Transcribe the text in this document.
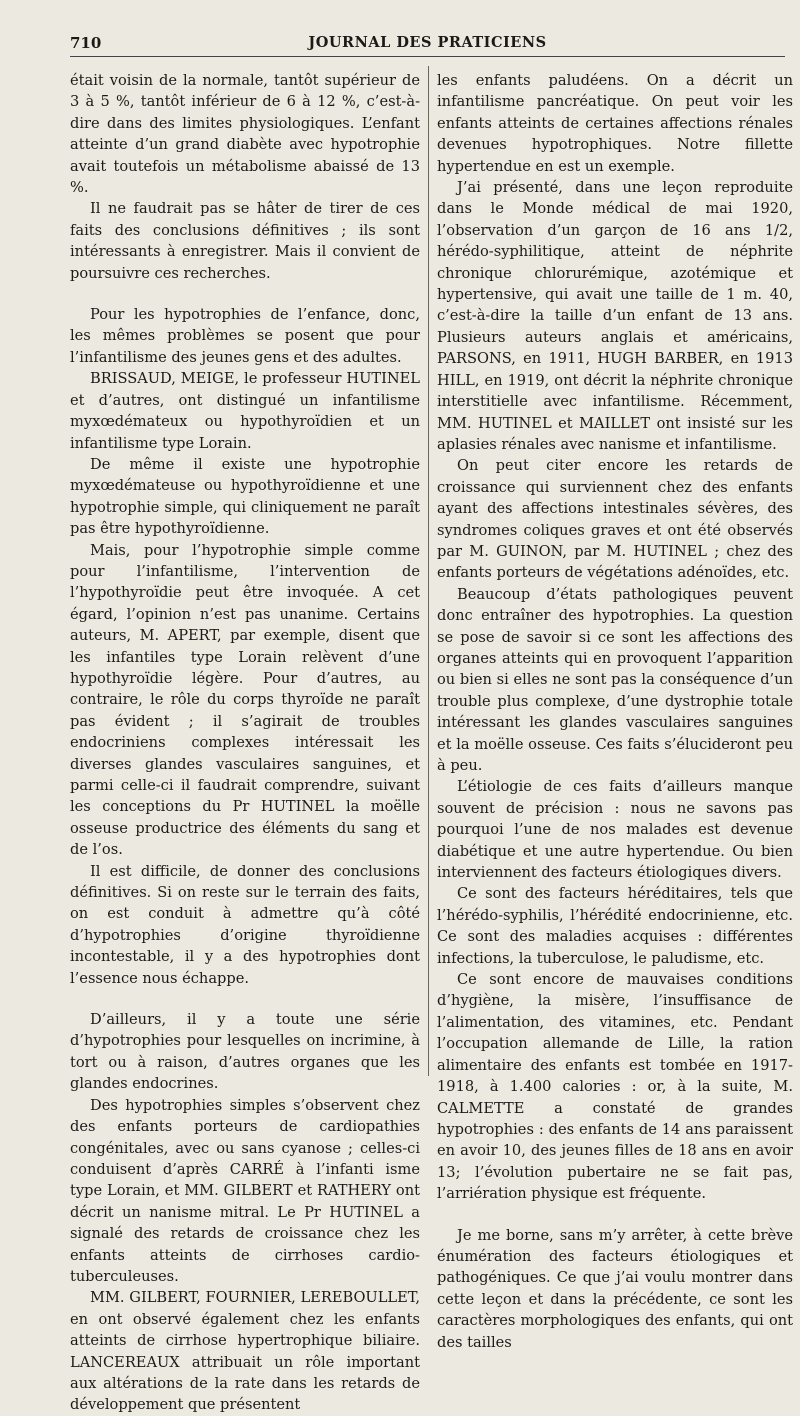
710	JOURNAL DES PRATICIENS

était voisin de la normale, tantôt supérieur de 3 à 5 %, tantôt inférieur de 6 à 12 %, c’est-à-dire dans des limites physiologiques. L’enfant atteinte d’un grand diabète avec hypotrophie avait toutefois un métabolisme abaissé de 13 %.

Il ne faudrait pas se hâter de tirer de ces faits des conclusions définitives ; ils sont intéressants à enregistrer. Mais il convient de poursuivre ces recherches.

Pour les hypotrophies de l’enfance, donc, les mêmes problèmes se posent que pour l’infantilisme des jeunes gens et des adultes.

BRISSAUD, MEIGE, le professeur HUTINEL et d’autres, ont distingué un infantilisme myxœdémateux ou hypothyroïdien et un infantilisme type Lorain.

De même il existe une hypotrophie myxœdémateuse ou hypothyroïdienne et une hypotrophie simple, qui cliniquement ne paraît pas être hypothyroïdienne.

Mais, pour l’hypotrophie simple comme pour l’infantilisme, l’intervention de l’hypothyroïdie peut être invoquée. A cet égard, l’opinion n’est pas unanime. Certains auteurs, M. APERT, par exemple, disent que les infantiles type Lorain relèvent d’une hypothyroïdie légère. Pour d’autres, au contraire, le rôle du corps thyroïde ne paraît pas évident ; il s’agirait de troubles endocriniens complexes intéressait les diverses glandes vasculaires sanguines, et parmi celle-ci il faudrait comprendre, suivant les conceptions du Pr HUTINEL la moëlle osseuse productrice des éléments du sang et de l’os.

Il est difficile, de donner des conclusions définitives. Si on reste sur le terrain des faits, on est conduit à admettre qu’à côté d’hypotrophies d’origine thyroïdienne incontestable, il y a des hypotrophies dont l’essence nous échappe.

D’ailleurs, il y a toute une série d’hypotrophies pour lesquelles on incrimine, à tort ou à raison, d’autres organes que les glandes endocrines.

Des hypotrophies simples s’observent chez des enfants porteurs de cardiopathies congénitales, avec ou sans cyanose ; celles-ci conduisent d’après CARRÉ à l’infanti isme type Lorain, et MM. GILBERT et RATHERY ont décrit un nanisme mitral. Le Pr HUTINEL a signalé des retards de croissance chez les enfants atteints de cirrhoses cardio-tuberculeuses.

MM. GILBERT, FOURNIER, LEREBOULLET, en ont observé également chez les enfants atteints de cirrhose hypertrophique biliaire. LANCEREAUX attribuait un rôle important aux altérations de la rate dans les retards de développement que présentent

les enfants paludéens. On a décrit un infantilisme pancréatique. On peut voir les enfants atteints de certaines affections rénales devenues hypotrophiques. Notre fillette hypertendue en est un exemple.

J’ai présenté, dans une leçon reproduite dans le Monde médical de mai 1920, l’observation d’un garçon de 16 ans 1/2, hérédo-syphilitique, atteint de néphrite chronique chlorurémique, azotémique et hypertensive, qui avait une taille de 1 m. 40, c’est-à-dire la taille d’un enfant de 13 ans. Plusieurs auteurs anglais et américains, PARSONS, en 1911, HUGH BARBER, en 1913 HILL, en 1919, ont décrit la néphrite chronique interstitielle avec infantilisme. Récemment, MM. HUTINEL et MAILLET ont insisté sur les aplasies rénales avec nanisme et infantilisme.

On peut citer encore les retards de croissance qui surviennent chez des enfants ayant des affections intestinales sévères, des syndromes coliques graves et ont été observés par M. GUINON, par M. HUTINEL ; chez des enfants porteurs de végétations adénoïdes, etc.

Beaucoup d’états pathologiques peuvent donc entraîner des hypotrophies. La question se pose de savoir si ce sont les affections des organes atteints qui en provoquent l’apparition ou bien si elles ne sont pas la conséquence d’un trouble plus complexe, d’une dystrophie totale intéressant les glandes vasculaires sanguines et la moëlle osseuse. Ces faits s’élucideront peu à peu.

L’étiologie de ces faits d’ailleurs manque souvent de précision : nous ne savons pas pourquoi l’une de nos malades est devenue diabétique et une autre hypertendue. Ou bien interviennent des facteurs étiologiques divers.

Ce sont des facteurs héréditaires, tels que l’hérédo-syphilis, l’hérédité endocrinienne, etc. Ce sont des maladies acquises : différentes infections, la tuberculose, le paludisme, etc.

Ce sont encore de mauvaises conditions d’hygiène, la misère, l’insuffisance de l’alimentation, des vitamines, etc. Pendant l’occupation allemande de Lille, la ration alimentaire des enfants est tombée en 1917-1918, à 1.400 calories : or, à la suite, M. CALMETTE a constaté de grandes hypotrophies : des enfants de 14 ans paraissent en avoir 10, des jeunes filles de 18 ans en avoir 13; l’évolution pubertaire ne se fait pas, l’arriération physique est fréquente.

Je me borne, sans m’y arrêter, à cette brève énumération des facteurs étiologiques et pathogéniques. Ce que j’ai voulu montrer dans cette leçon et dans la précédente, ce sont les caractères morphologiques des enfants, qui ont des tailles
